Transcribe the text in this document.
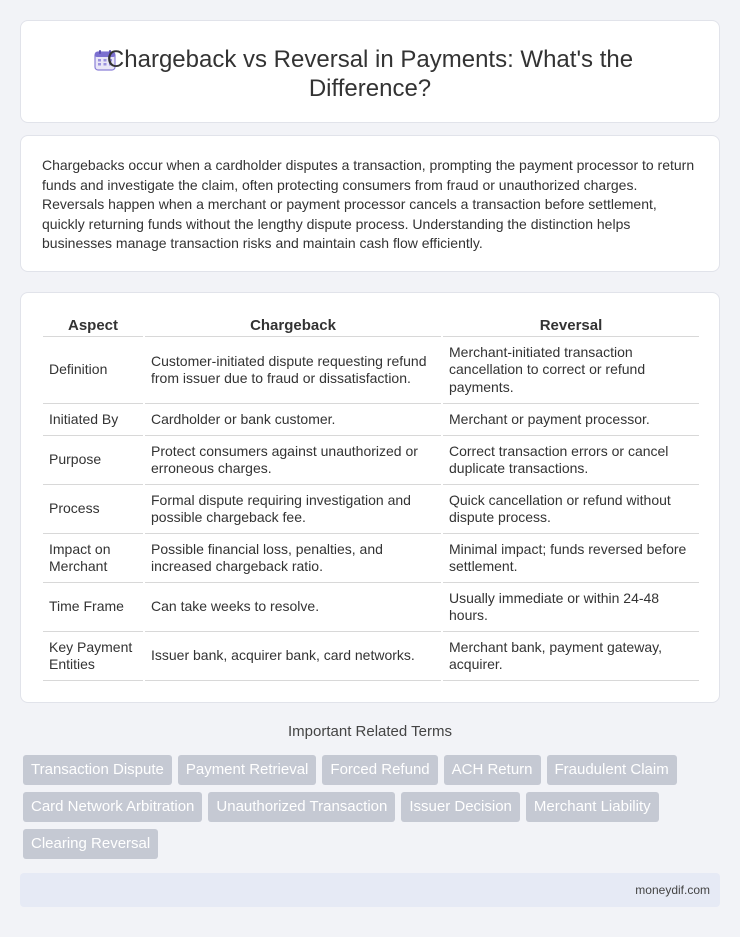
Chargeback vs Reversal in Payments: What's the Difference?

Chargebacks occur when a cardholder disputes a transaction, prompting the payment processor to return funds and investigate the claim, often protecting consumers from fraud or unauthorized charges. Reversals happen when a merchant or payment processor cancels a transaction before settlement, quickly returning funds without the lengthy dispute process. Understanding the distinction helps businesses manage transaction risks and maintain cash flow efficiently.

Aspect	Chargeback	Reversal
Definition	Customer-initiated dispute requesting refund from issuer due to fraud or dissatisfaction.	Merchant-initiated transaction cancellation to correct or refund payments.
Initiated By	Cardholder or bank customer.	Merchant or payment processor.
Purpose	Protect consumers against unauthorized or erroneous charges.	Correct transaction errors or cancel duplicate transactions.
Process	Formal dispute requiring investigation and possible chargeback fee.	Quick cancellation or refund without dispute process.
Impact on Merchant	Possible financial loss, penalties, and increased chargeback ratio.	Minimal impact; funds reversed before settlement.
Time Frame	Can take weeks to resolve.	Usually immediate or within 24-48 hours.
Key Payment Entities	Issuer bank, acquirer bank, card networks.	Merchant bank, payment gateway, acquirer.
Important Related Terms
Transaction Dispute	Payment Retrieval	Forced Refund	ACH Return	Fraudulent Claim
Card Network Arbitration	Unauthorized Transaction	Issuer Decision	Merchant Liability
Clearing Reversal
moneydif.com
